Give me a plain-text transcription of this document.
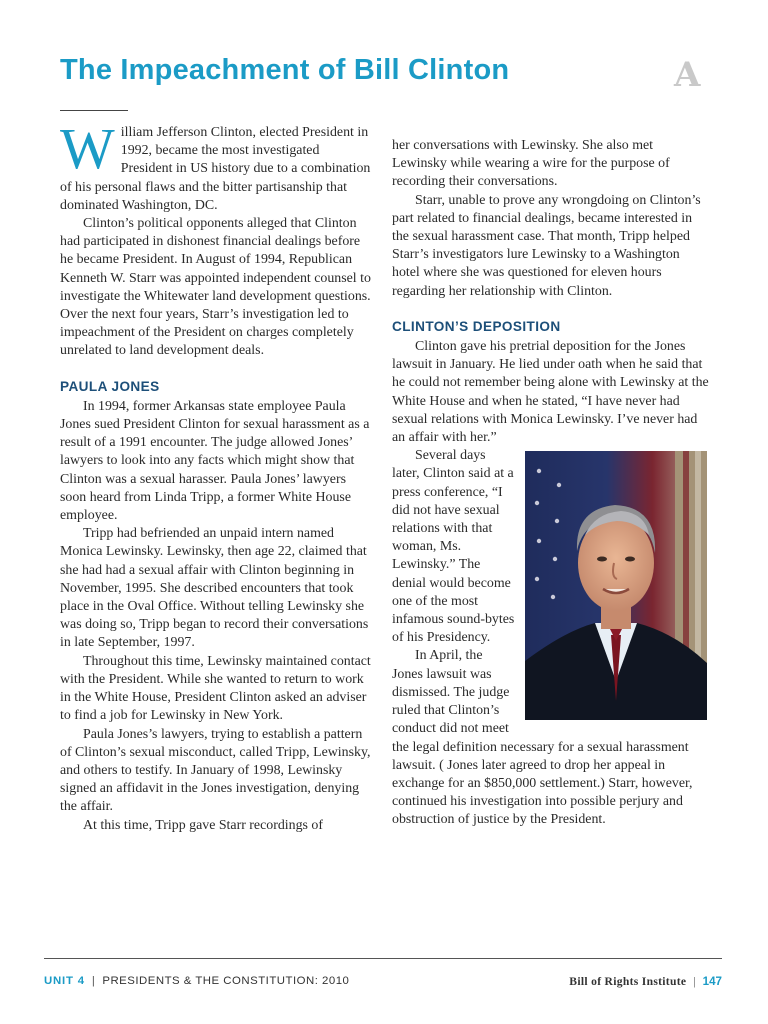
The Impeachment of Bill Clinton	A

William Jefferson Clinton, elected President in 1992, became the most investigated President in US history due to a combination of his personal flaws and the bitter partisanship that dominated Washington, DC.

Clinton’s political opponents alleged that Clinton had participated in dishonest financial dealings before he became President. In August of 1994, Republican Kenneth W. Starr was appointed independent counsel to investigate the Whitewater land development questions. Over the next four years, Starr’s investigation led to impeachment of the President on charges completely unrelated to land development deals.

PAULA JONES

In 1994, former Arkansas state employee Paula Jones sued President Clinton for sexual harassment as a result of a 1991 encounter. The judge allowed Jones’ lawyers to look into any facts which might show that Clinton was a sexual harasser. Paula Jones’ lawyers soon heard from Linda Tripp, a former White House employee.

Tripp had befriended an unpaid intern named Monica Lewinsky. Lewinsky, then age 22, claimed that she had had a sexual affair with Clinton beginning in November, 1995. She described encounters that took place in the Oval Office. Without telling Lewinsky she was doing so, Tripp began to record their conversations in late September, 1997.

Throughout this time, Lewinsky maintained contact with the President. While she wanted to return to work in the White House, President Clinton asked an adviser to find a job for Lewinsky in New York.

Paula Jones’s lawyers, trying to establish a pattern of Clinton’s sexual misconduct, called Tripp, Lewinsky, and others to testify. In January of 1998, Lewinsky signed an affidavit in the Jones investigation, denying the affair.

At this time, Tripp gave Starr recordings of

her conversations with Lewinsky. She also met Lewinsky while wearing a wire for the purpose of recording their conversations.

Starr, unable to prove any wrongdoing on Clinton’s part related to financial dealings, became interested in the sexual harassment case. That month, Tripp helped Starr’s investigators lure Lewinsky to a Washington hotel where she was questioned for eleven hours regarding her relationship with Clinton.

CLINTON’S DEPOSITION

Clinton gave his pretrial deposition for the Jones lawsuit in January. He lied under oath when he said that he could not remember being alone with Lewinsky at the White House and when he stated, “I have never had sexual relations with Monica Lewinsky. I’ve never had an affair with her.”

Several days later, Clinton said at a press conference, “I did not have sexual relations with that woman, Ms. Lewinsky.” The denial would become one of the most infamous sound-bytes of his Presidency.

In April, the Jones lawsuit was dismissed. The judge ruled that Clinton’s conduct did not meet the legal definition necessary for a sexual harassment lawsuit. ( Jones later agreed to drop her appeal in exchange for an $850,000 settlement.) Starr, however, continued his investigation into possible perjury and obstruction of justice by the President.

UNIT 4 | PRESIDENTS & THE CONSTITUTION: 2010	Bill of Rights Institute | 147
